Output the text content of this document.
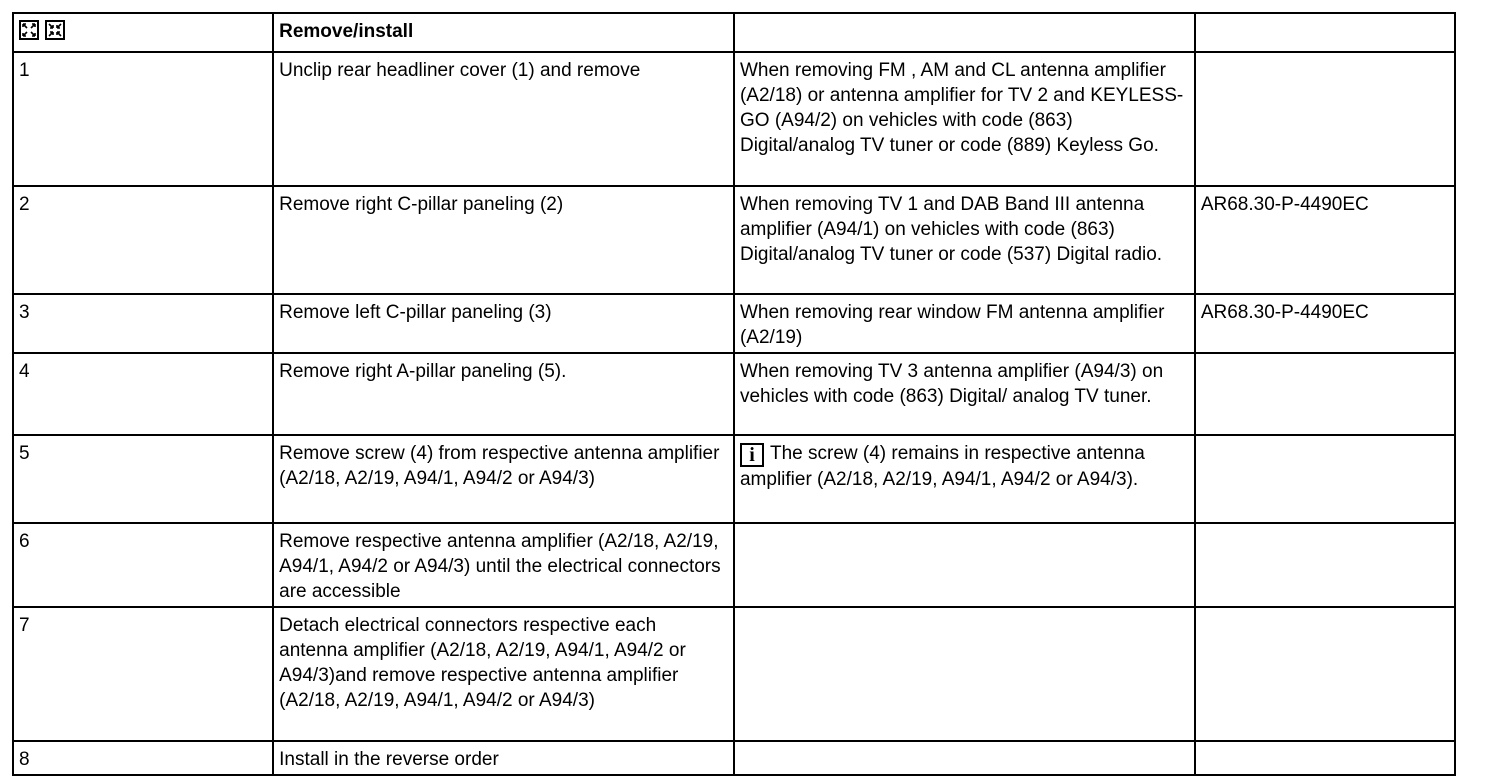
	Remove/install		
1	Unclip rear headliner cover (1) and remove	When removing FM , AM and CL antenna amplifier (A2/18) or antenna amplifier for TV 2 and KEYLESS-GO (A94/2) on vehicles with code (863) Digital/analog TV tuner or code (889) Keyless Go.	
2	Remove right C-pillar paneling (2)	When removing TV 1 and DAB Band III antenna amplifier (A94/1) on vehicles with code (863) Digital/analog TV tuner or code (537) Digital radio.	AR68.30-P-4490EC
3	Remove left C-pillar paneling (3)	When removing rear window FM antenna amplifier (A2/19)	AR68.30-P-4490EC
4	Remove right A-pillar paneling (5).	When removing TV 3 antenna amplifier (A94/3) on vehicles with code (863) Digital/ analog TV tuner.	
5	Remove screw (4) from respective antenna amplifier (A2/18, A2/19, A94/1, A94/2 or A94/3)	i The screw (4) remains in respective antenna amplifier (A2/18, A2/19, A94/1, A94/2 or A94/3).	
6	Remove respective antenna amplifier (A2/18, A2/19, A94/1, A94/2 or A94/3) until the electrical connectors are accessible		
7	Detach electrical connectors respective each antenna amplifier (A2/18, A2/19, A94/1, A94/2 or A94/3)and remove respective antenna amplifier (A2/18, A2/19, A94/1, A94/2 or A94/3)		
8	Install in the reverse order		
